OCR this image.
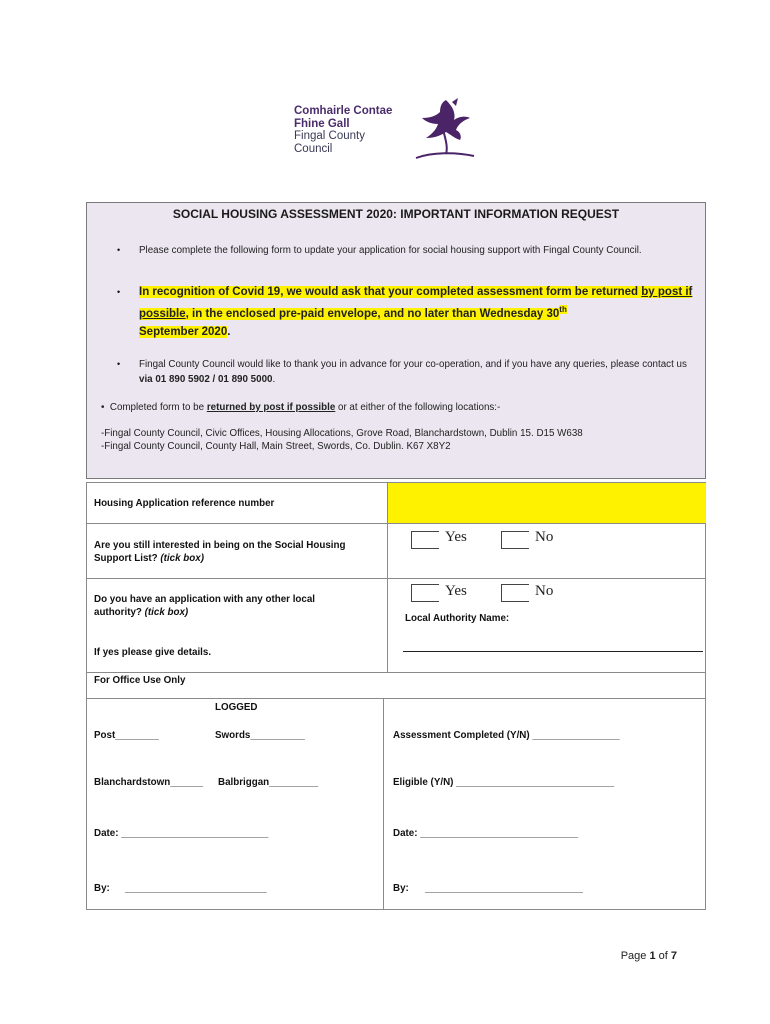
Comhairle Contae
Fhine Gall
Fingal County
Council
SOCIAL HOUSING ASSESSMENT 2020: IMPORTANT INFORMATION REQUEST
• Please complete the following form to update your application for social housing support with Fingal County Council.
• In recognition of Covid 19, we would ask that your completed assessment form be returned by post if possible, in the enclosed pre-paid envelope, and no later than Wednesday 30th
September 2020.
• Fingal County Council would like to thank you in advance for your co-operation, and if you have any queries, please contact us via 01 890 5902 / 01 890 5000.
•  Completed form to be returned by post if possible or at either of the following locations:-
-Fingal County Council, Civic Offices, Housing Allocations, Grove Road, Blanchardstown, Dublin 15. D15 W638
-Fingal County Council, County Hall, Main Street, Swords, Co. Dublin. K67 X8Y2
Housing Application reference number
Are you still interested in being on the Social Housing
Support List? (tick box)
Yes	No
Do you have an application with any other local
authority? (tick box)
If yes please give details.
Yes	No
Local Authority Name:
For Office Use Only
LOGGED
Post________	Swords__________
Blanchardstown______ Balbriggan_________
Date: ___________________________
By: __________________________
Assessment Completed (Y/N) ________________
Eligible (Y/N) _____________________________
Date: _____________________________
By: _____________________________
Page 1 of 7
